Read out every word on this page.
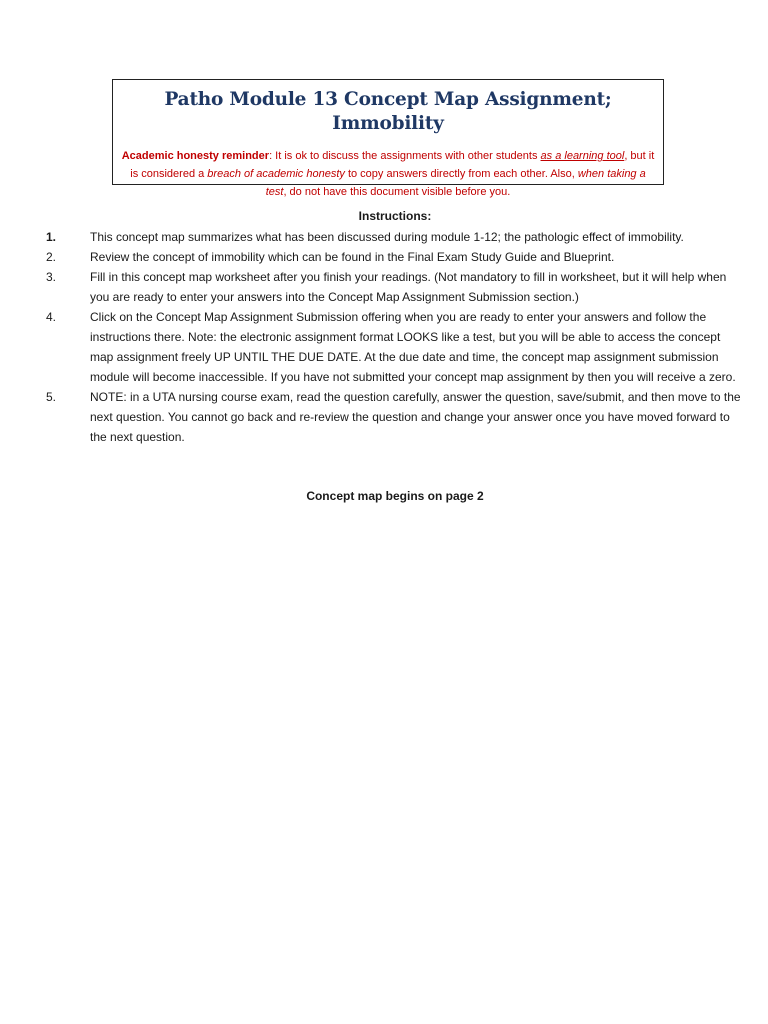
Patho Module 13 Concept Map Assignment; Immobility
Academic honesty reminder: It is ok to discuss the assignments with other students as a learning tool, but it is considered a breach of academic honesty to copy answers directly from each other. Also, when taking a test, do not have this document visible before you.
Instructions:
1.	This concept map summarizes what has been discussed during module 1-12; the pathologic effect of immobility.
2.	Review the concept of immobility which can be found in the Final Exam Study Guide and Blueprint.
3.	Fill in this concept map worksheet after you finish your readings. (Not mandatory to fill in worksheet, but it will help when you are ready to enter your answers into the Concept Map Assignment Submission section.)
4.	Click on the Concept Map Assignment Submission offering when you are ready to enter your answers and follow the instructions there. Note: the electronic assignment format LOOKS like a test, but you will be able to access the concept map assignment freely UP UNTIL THE DUE DATE. At the due date and time, the concept map assignment submission module will become inaccessible. If you have not submitted your concept map assignment by then you will receive a zero.
5.	NOTE: in a UTA nursing course exam, read the question carefully, answer the question, save/submit, and then move to the next question. You cannot go back and re-review the question and change your answer once you have moved forward to the next question.
Concept map begins on page 2
